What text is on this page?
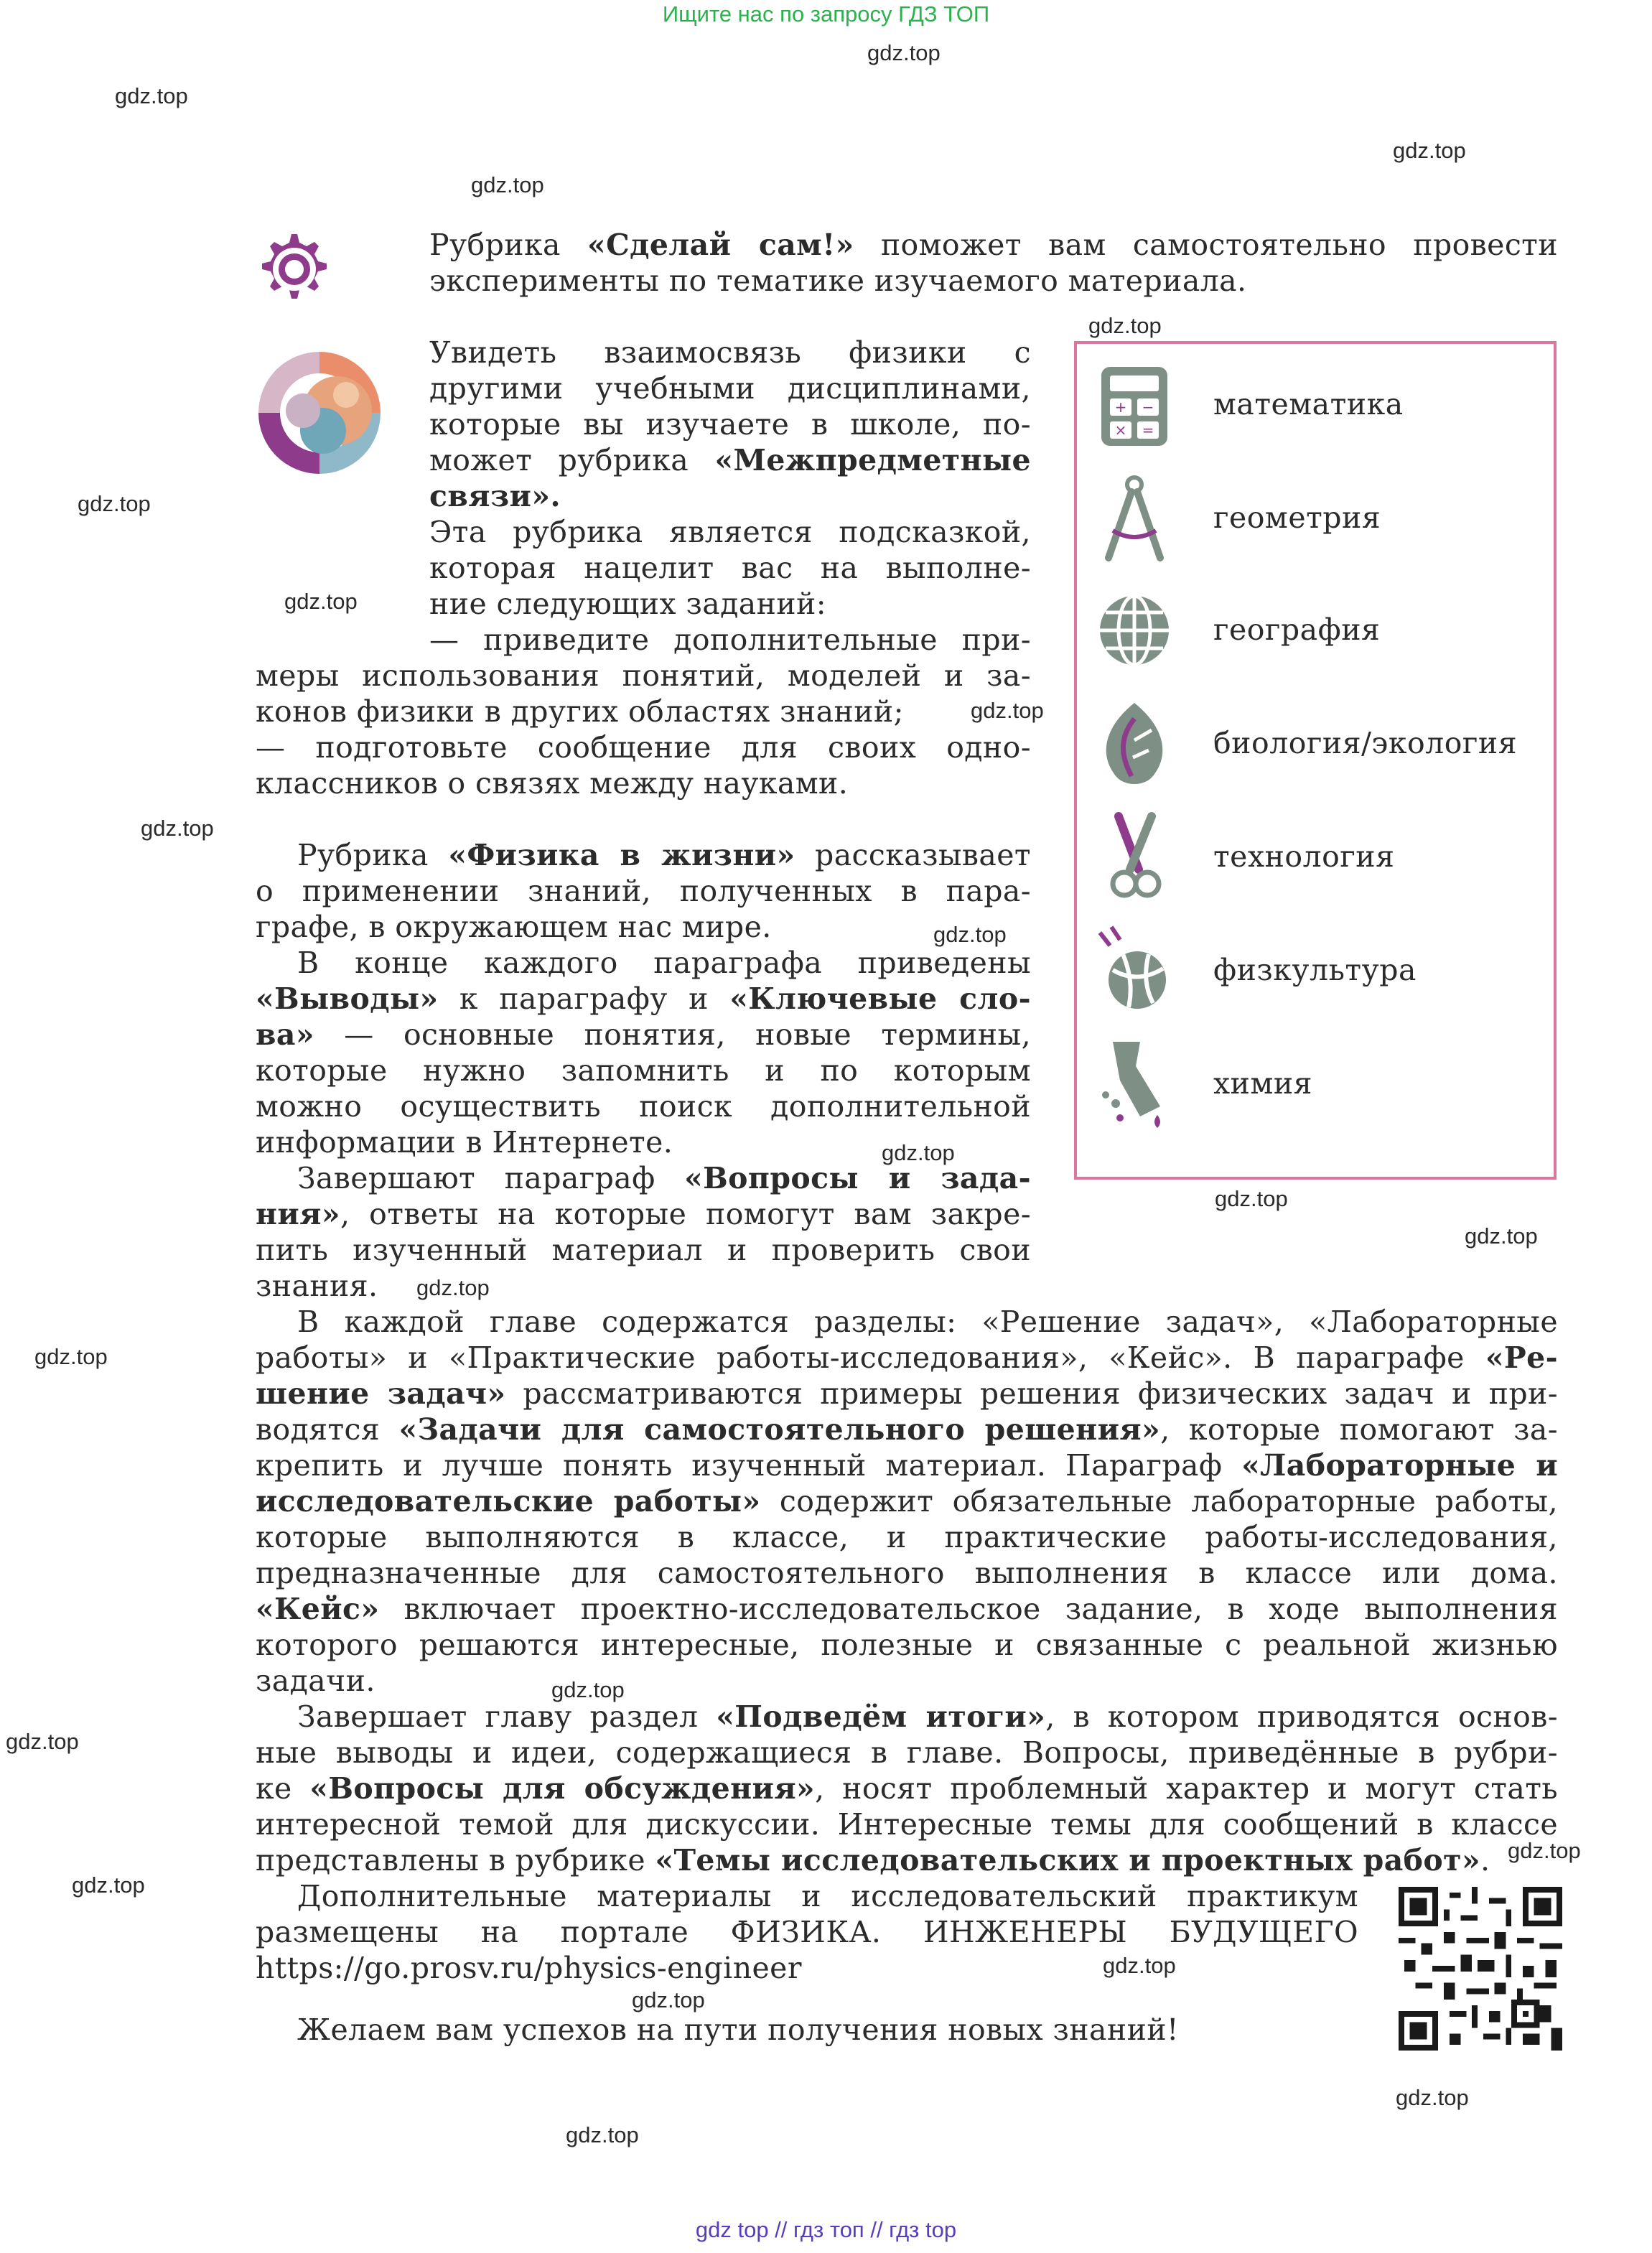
Ищите нас по запросу ГДЗ ТОП
gdz top // гдз топ // гдз top
gdz.top
gdz.top
gdz.top
gdz.top
gdz.top
gdz.top
gdz.top
gdz.top
gdz.top
gdz.top
gdz.top
gdz.top
gdz.top
gdz.top
gdz.top
gdz.top
gdz.top
gdz.top
gdz.top
gdz.top
gdz.top
gdz.top
gdz.top
Рубрика «Сделай сам!» поможет вам самостоятельно провести
эксперименты по тематике изучаемого материала.
Увидеть взаимосвязь физики с
другими учебными дисциплинами,
которые вы изучаете в школе, по-
может рубрика «Межпредметные
связи».
Эта рубрика является подсказкой,
которая нацелит вас на выполне-
ние следующих заданий:
— приведите дополнительные при-
меры использования понятий, моделей и за-
конов физики в других областях знаний;
— подготовьте сообщение для своих одно-
классников о связях между науками.
Рубрика «Физика в жизни» рассказывает
о применении знаний, полученных в пара-
графе, в окружающем нас мире.
В конце каждого параграфа приведены
«Выводы» к параграфу и «Ключевые сло-
ва» — основные понятия, новые термины,
которые нужно запомнить и по которым
можно осуществить поиск дополнительной
информации в Интернете.
Завершают параграф «Вопросы и зада-
ния», ответы на которые помогут вам закре-
пить изученный материал и проверить свои
знания.
+ −
× =
математика
геометрия
география
биология/экология
технология
физкультура
химия
В каждой главе содержатся разделы: «Решение задач», «Лабораторные
работы» и «Практические работы-исследования», «Кейс». В параграфе «Ре-
шение задач» рассматриваются примеры решения физических задач и при-
водятся «Задачи для самостоятельного решения», которые помогают за-
крепить и лучше понять изученный материал. Параграф «Лабораторные и
исследовательские работы» содержит обязательные лабораторные работы,
которые выполняются в классе, и практические работы-исследования,
предназначенные для самостоятельного выполнения в классе или дома.
«Кейс» включает проектно-исследовательское задание, в ходе выполнения
которого решаются интересные, полезные и связанные с реальной жизнью
задачи.
Завершает главу раздел «Подведём итоги», в котором приводятся основ-
ные выводы и идеи, содержащиеся в главе. Вопросы, приведённые в рубри-
ке «Вопросы для обсуждения», носят проблемный характер и могут стать
интересной темой для дискуссии. Интересные темы для сообщений в классе
представлены в рубрике «Темы исследовательских и проектных работ».
Дополнительные материалы и исследовательский практикум
размещены на портале ФИЗИКА. ИНЖЕНЕРЫ БУДУЩЕГО
https://go.prosv.ru/physics-engineer
Желаем вам успехов на пути получения новых знаний!
